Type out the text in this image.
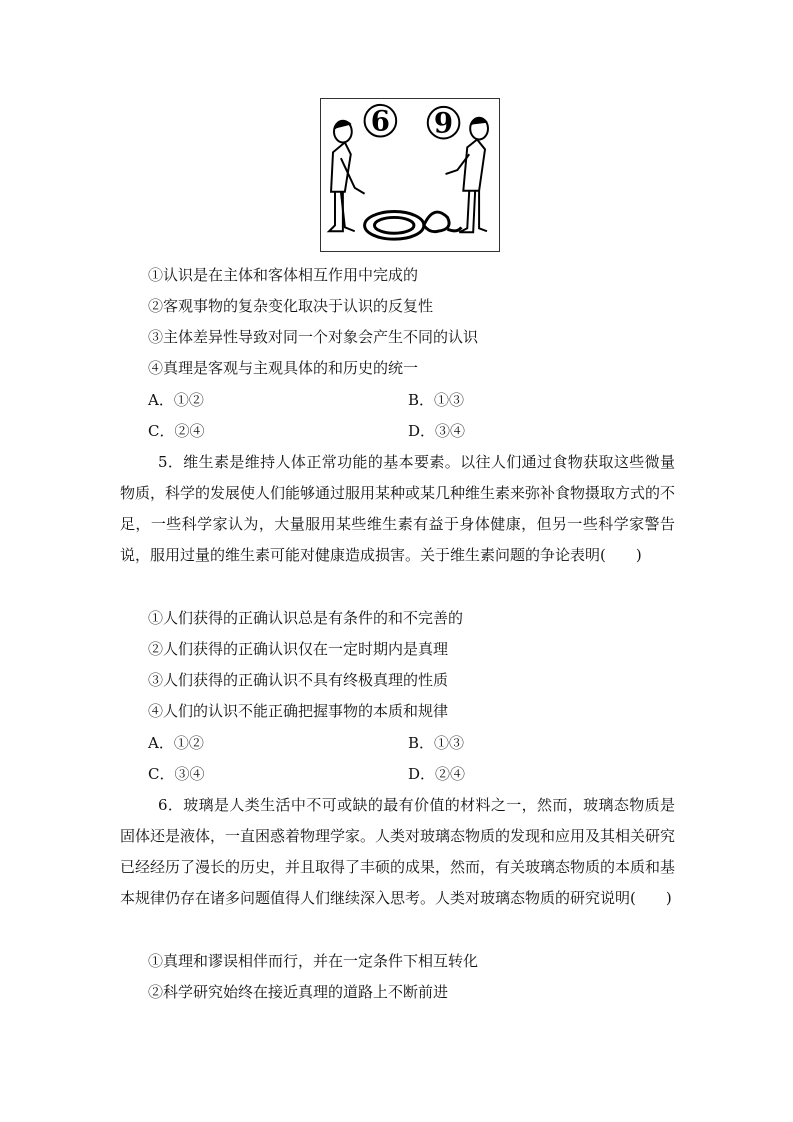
6 9
①认识是在主体和客体相互作用中完成的
②客观事物的复杂变化取决于认识的反复性
③主体差异性导致对同一个对象会产生不同的认识
④真理是客观与主观具体的和历史的统一
A．①②	B．①③
C．②④	D．③④
5．维生素是维持人体正常功能的基本要素。以往人们通过食物获取这些微量物质，科学的发展使人们能够通过服用某种或某几种维生素来弥补食物摄取方式的不足，一些科学家认为，大量服用某些维生素有益于身体健康，但另一些科学家警告说，服用过量的维生素可能对健康造成损害。关于维生素问题的争论表明(　　)
①人们获得的正确认识总是有条件的和不完善的
②人们获得的正确认识仅在一定时期内是真理
③人们获得的正确认识不具有终极真理的性质
④人们的认识不能正确把握事物的本质和规律
A．①②	B．①③
C．③④	D．②④
6．玻璃是人类生活中不可或缺的最有价值的材料之一，然而，玻璃态物质是固体还是液体，一直困惑着物理学家。人类对玻璃态物质的发现和应用及其相关研究已经经历了漫长的历史，并且取得了丰硕的成果，然而，有关玻璃态物质的本质和基本规律仍存在诸多问题值得人们继续深入思考。人类对玻璃态物质的研究说明(　　)
①真理和谬误相伴而行，并在一定条件下相互转化
②科学研究始终在接近真理的道路上不断前进
